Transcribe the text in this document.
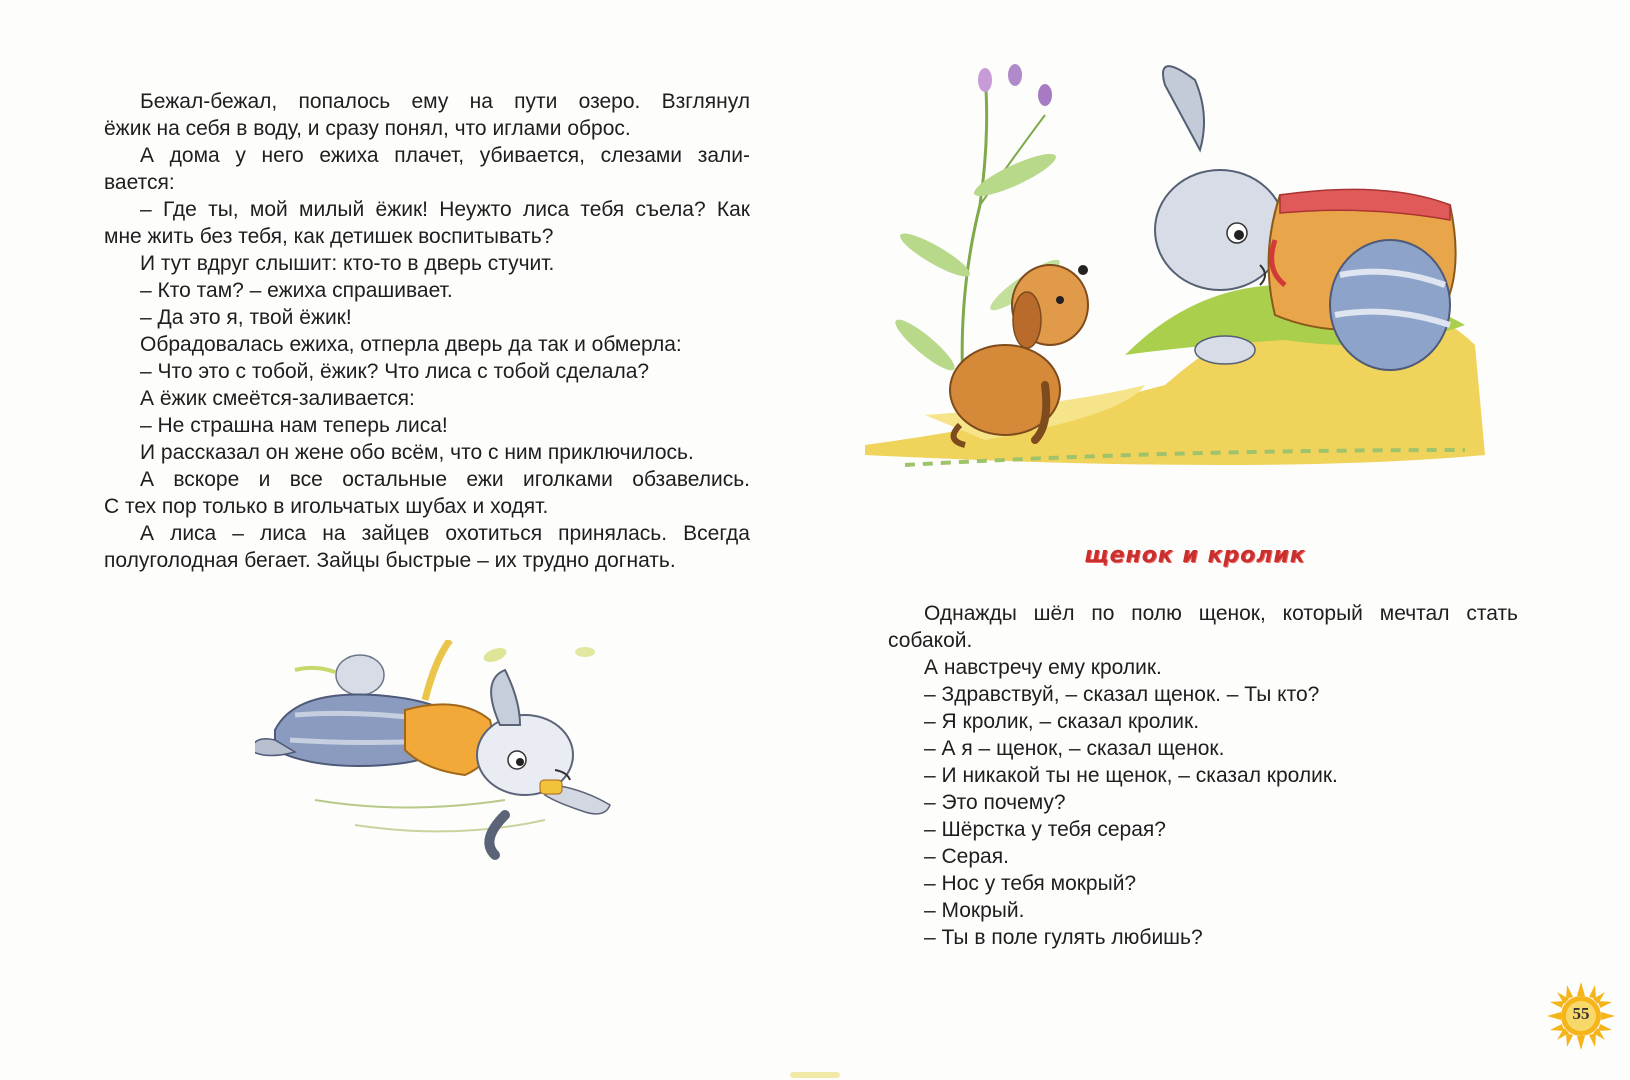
Бежал-бежал, попалось ему на пути озеро. Взглянул

ёжик на себя в воду, и сразу понял, что иглами оброс.

А дома у него ежиха плачет, убивается, слезами зали-

вается:

– Где ты, мой милый ёжик! Неужто лиса тебя съела? Как

мне жить без тебя, как детишек воспитывать?

И тут вдруг слышит: кто-то в дверь стучит.

– Кто там? – ежиха спрашивает.

– Да это я, твой ёжик!

Обрадовалась ежиха, отперла дверь да так и обмерла:

– Что это с тобой, ёжик? Что лиса с тобой сделала?

А ёжик смеётся-заливается:

– Не страшна нам теперь лиса!

И рассказал он жене обо всём, что с ним приключилось.

А вскоре и все остальные ежи иголками обзавелись.

С тех пор только в игольчатых шубах и ходят.

А лиса – лиса на зайцев охотиться принялась. Всегда

полуголодная бегает. Зайцы быстрые – их трудно догнать.	щенок и кролик

Однажды шёл по полю щенок, который мечтал стать

собакой.

А навстречу ему кролик.

– Здравствуй, – сказал щенок. – Ты кто?

– Я кролик, – сказал кролик.

– А я – щенок, – сказал щенок.

– И никакой ты не щенок, – сказал кролик.

– Это почему?

– Шёрстка у тебя серая?

– Серая.

– Нос у тебя мокрый?

– Мокрый.

– Ты в поле гулять любишь?

55
